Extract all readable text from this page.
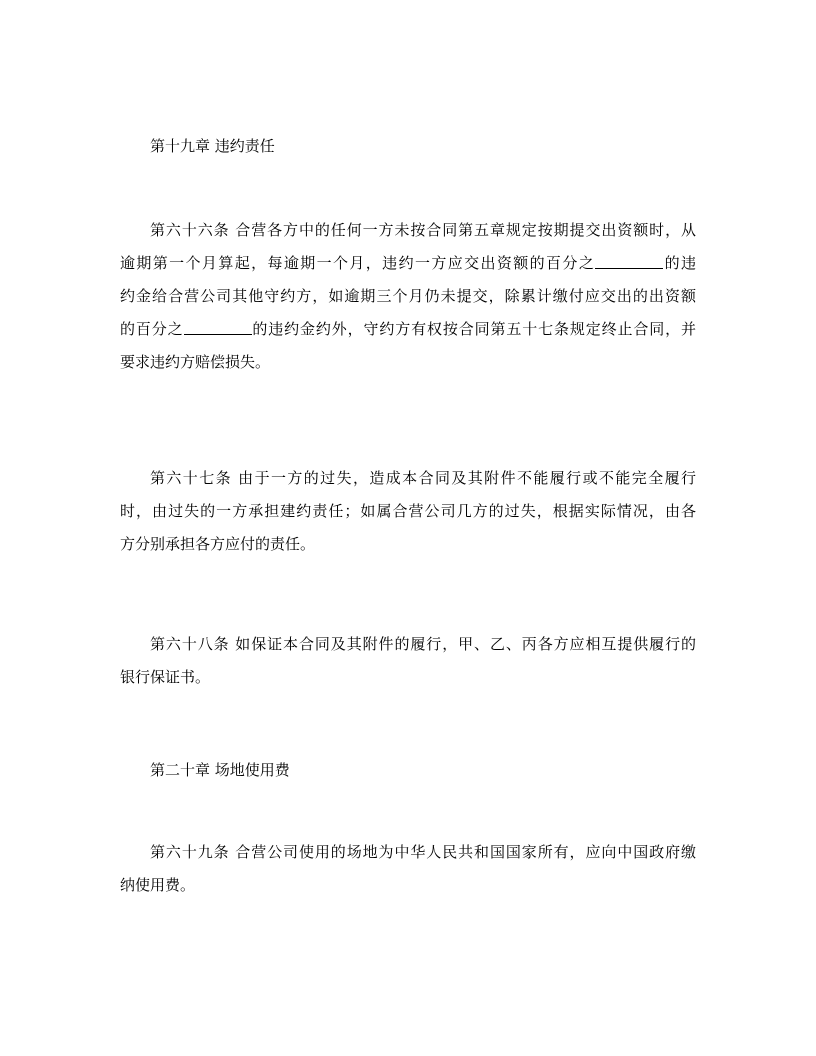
第十九章 违约责任

第六十六条 合营各方中的任何一方未按合同第五章规定按期提交出资额时，从
逾期第一个月算起，每逾期一个月，违约一方应交出资额的百分之	的违
约金给合营公司其他守约方，如逾期三个月仍未提交，除累计缴付应交出的出资额
的百分之	的违约金约外，守约方有权按合同第五十七条规定终止合同，并
要求违约方赔偿损失。
第六十七条 由于一方的过失，造成本合同及其附件不能履行或不能完全履行
时，由过失的一方承担建约责任；如属合营公司几方的过失，根据实际情况，由各
方分别承担各方应付的责任。
第六十八条 如保证本合同及其附件的履行，甲、乙、丙各方应相互提供履行的
银行保证书。

第二十章 场地使用费

第六十九条 合营公司使用的场地为中华人民共和国国家所有，应向中国政府缴
纳使用费。
